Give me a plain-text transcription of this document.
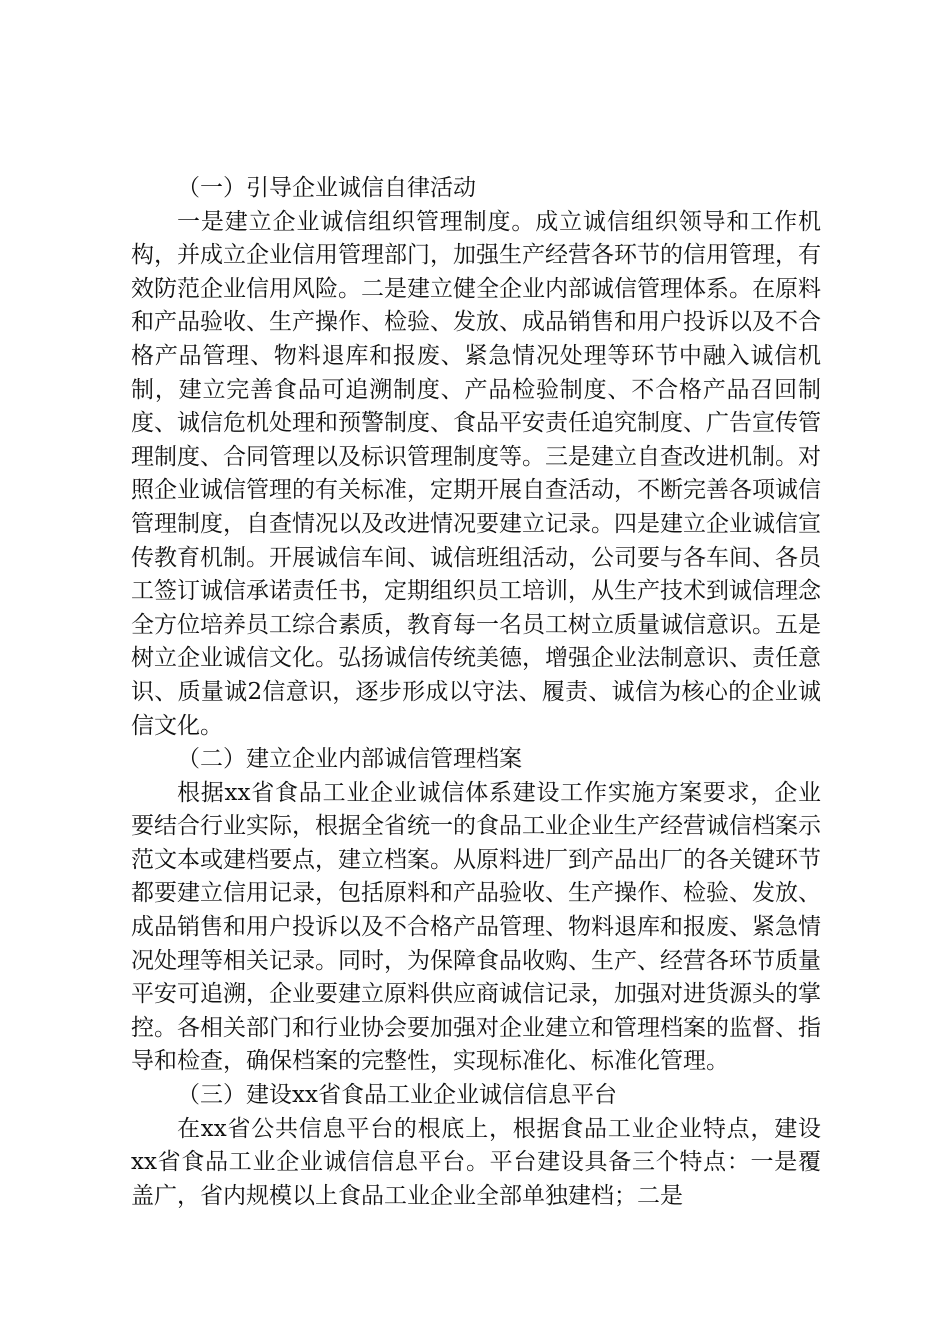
（一）引导企业诚信自律活动

一是建立企业诚信组织管理制度。成立诚信组织领导和工作机构，并成立企业信用管理部门，加强生产经营各环节的信用管理，有效防范企业信用风险。二是建立健全企业内部诚信管理体系。在原料和产品验收、生产操作、检验、发放、成品销售和用户投诉以及不合格产品管理、物料退库和报废、紧急情况处理等环节中融入诚信机制，建立完善食品可追溯制度、产品检验制度、不合格产品召回制度、诚信危机处理和预警制度、食品平安责任追究制度、广告宣传管理制度、合同管理以及标识管理制度等。三是建立自查改进机制。对照企业诚信管理的有关标准，定期开展自查活动，不断完善各项诚信管理制度，自查情况以及改进情况要建立记录。四是建立企业诚信宣传教育机制。开展诚信车间、诚信班组活动，公司要与各车间、各员工签订诚信承诺责任书，定期组织员工培训，从生产技术到诚信理念全方位培养员工综合素质，教育每一名员工树立质量诚信意识。五是树立企业诚信文化。弘扬诚信传统美德，增强企业法制意识、责任意识、质量诚2信意识，逐步形成以守法、履责、诚信为核心的企业诚信文化。

（二）建立企业内部诚信管理档案

根据xx省食品工业企业诚信体系建设工作实施方案要求，企业要结合行业实际，根据全省统一的食品工业企业生产经营诚信档案示范文本或建档要点，建立档案。从原料进厂到产品出厂的各关键环节都要建立信用记录，包括原料和产品验收、生产操作、检验、发放、成品销售和用户投诉以及不合格产品管理、物料退库和报废、紧急情况处理等相关记录。同时，为保障食品收购、生产、经营各环节质量平安可追溯，企业要建立原料供应商诚信记录，加强对进货源头的掌控。各相关部门和行业协会要加强对企业建立和管理档案的监督、指导和检查，确保档案的完整性，实现标准化、标准化管理。

（三）建设xx省食品工业企业诚信信息平台

在xx省公共信息平台的根底上，根据食品工业企业特点，建设xx省食品工业企业诚信信息平台。平台建设具备三个特点：一是覆盖广，省内规模以上食品工业企业全部单独建档；二是
